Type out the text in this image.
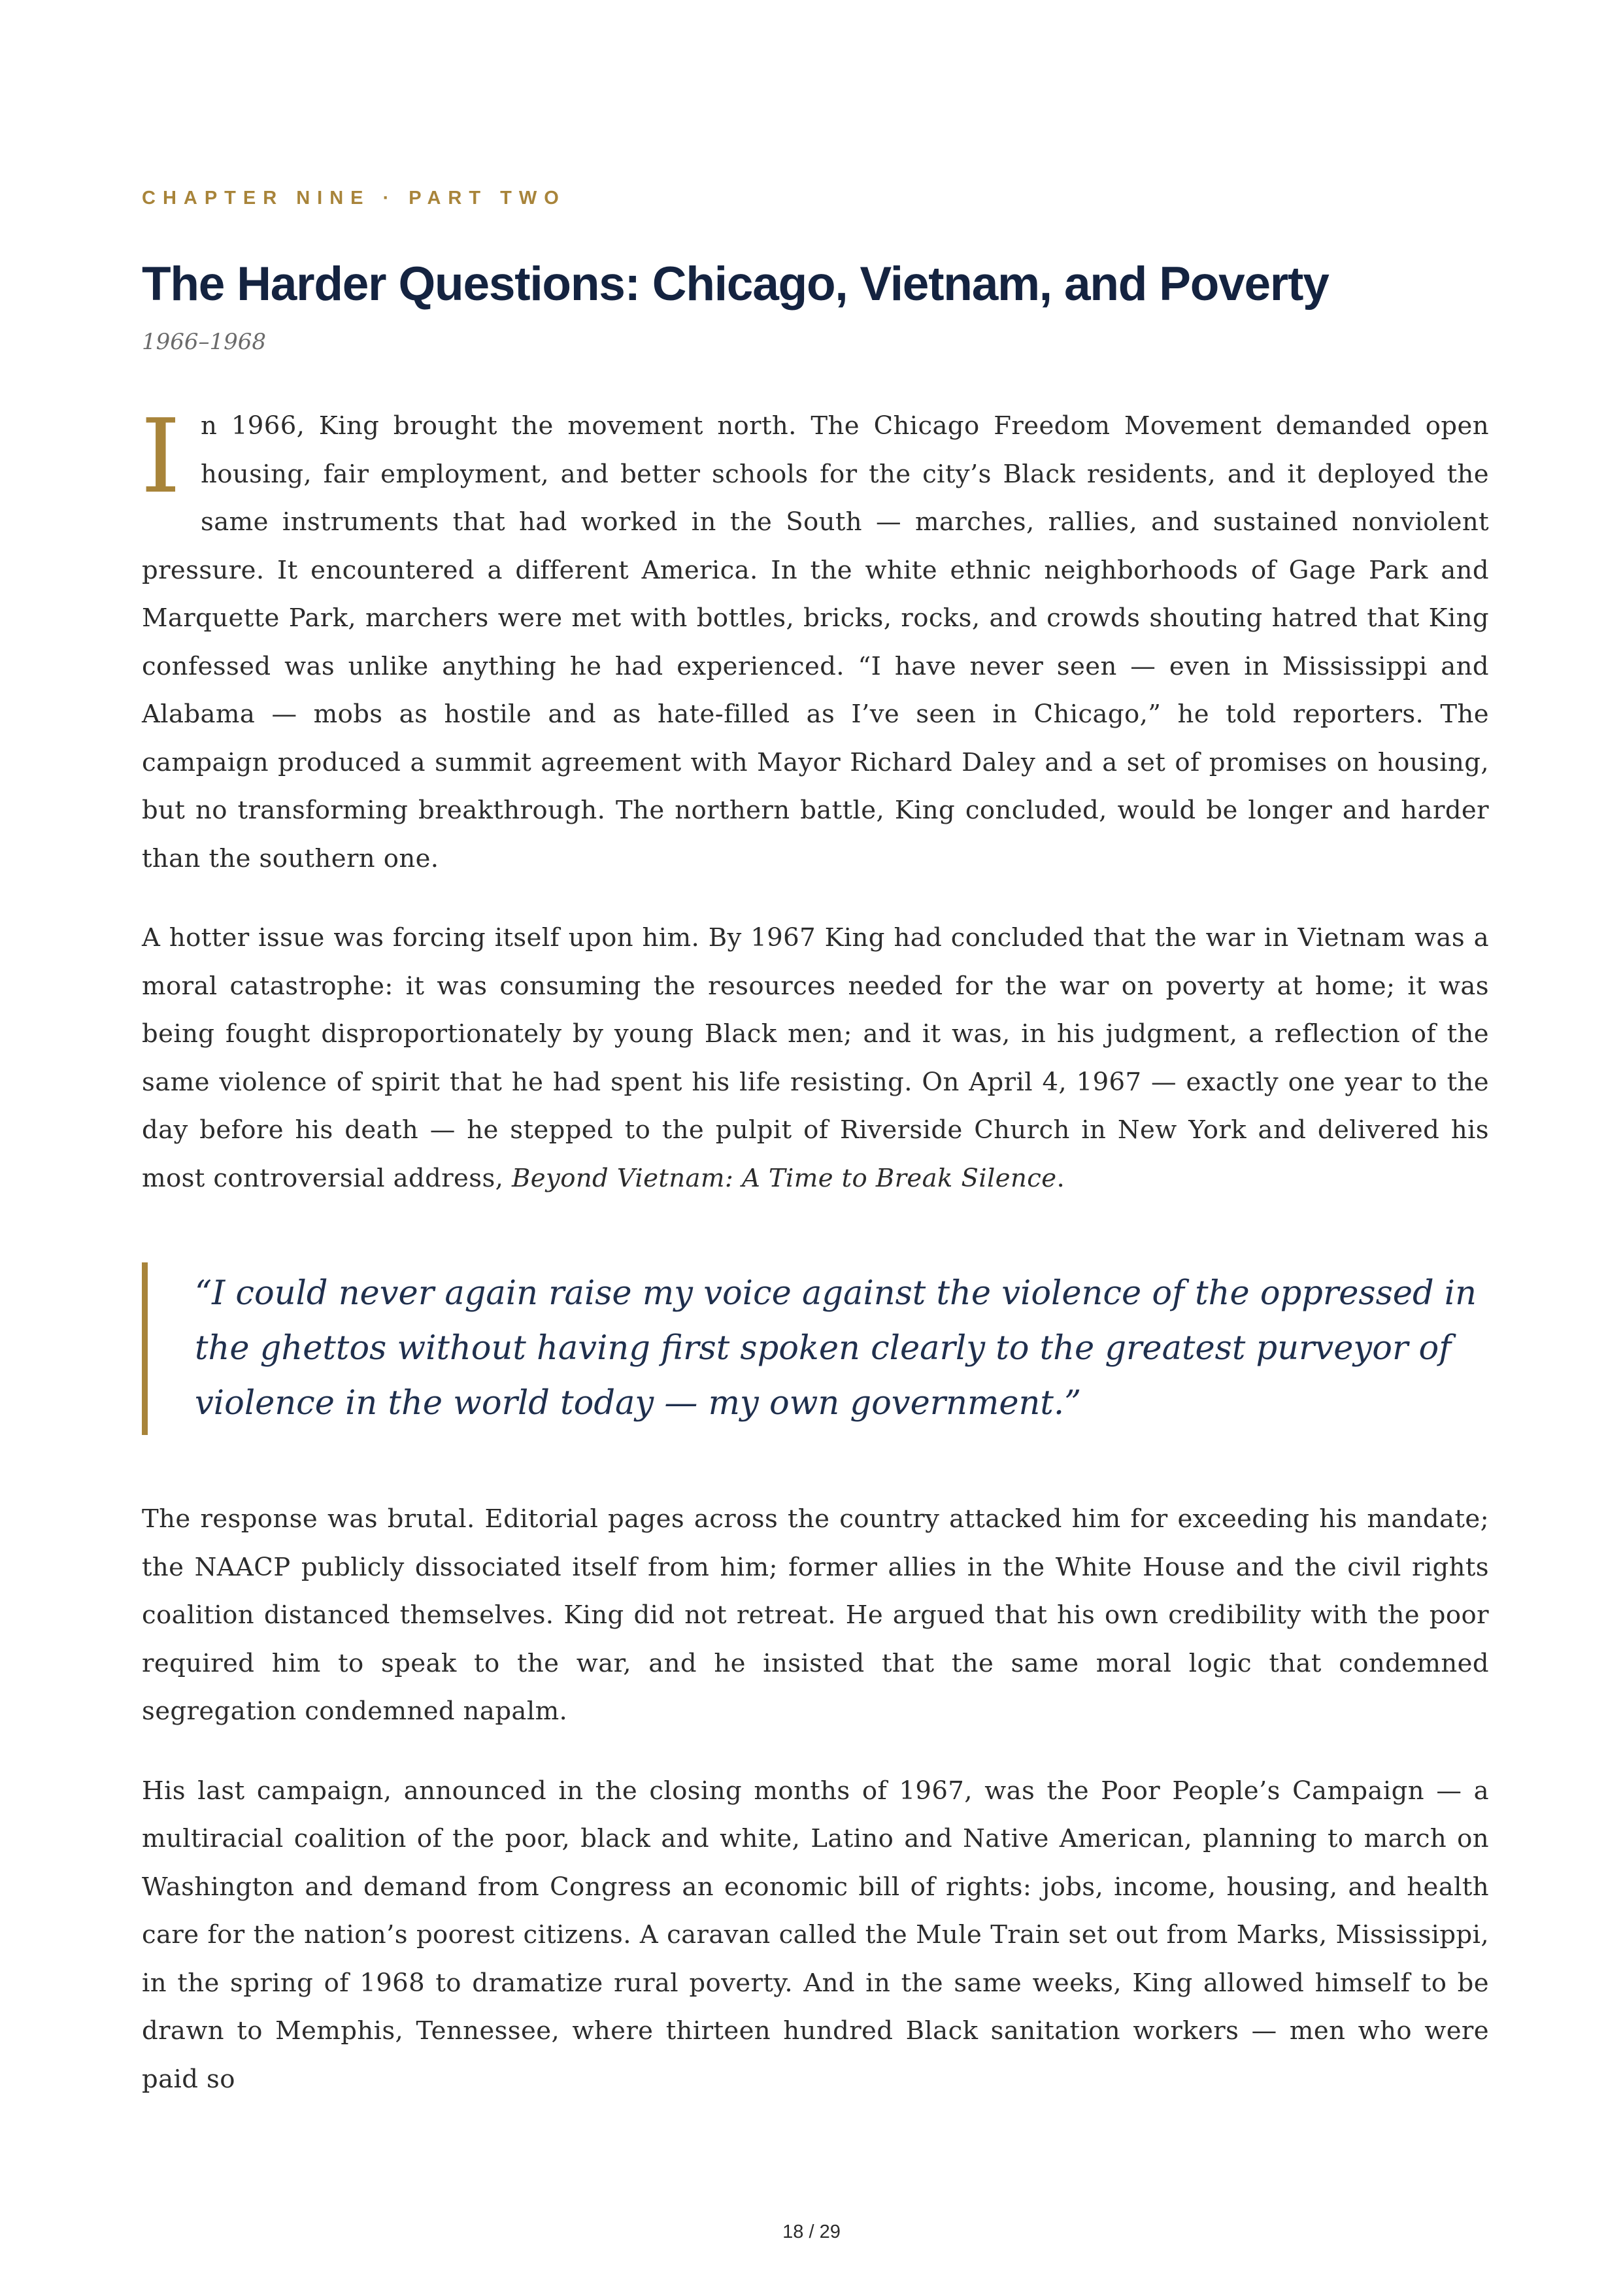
CHAPTER NINE · PART TWO

The Harder Questions: Chicago, Vietnam, and Poverty

1966–1968

In 1966, King brought the movement north. The Chicago Freedom Movement demanded open housing, fair employment, and better schools for the city’s Black residents, and it deployed the same instruments that had worked in the South — marches, rallies, and sustained nonviolent pressure. It encountered a different America. In the white ethnic neighborhoods of Gage Park and Marquette Park, marchers were met with bottles, bricks, rocks, and crowds shouting hatred that King confessed was unlike anything he had experienced. “I have never seen — even in Mississippi and Alabama — mobs as hostile and as hate-filled as I’ve seen in Chicago,” he told reporters. The campaign produced a summit agreement with Mayor Richard Daley and a set of promises on housing, but no transforming breakthrough. The northern battle, King concluded, would be longer and harder than the southern one.

A hotter issue was forcing itself upon him. By 1967 King had concluded that the war in Vietnam was a moral catastrophe: it was consuming the resources needed for the war on poverty at home; it was being fought disproportionately by young Black men; and it was, in his judgment, a reflection of the same violence of spirit that he had spent his life resisting. On April 4, 1967 — exactly one year to the day before his death — he stepped to the pulpit of Riverside Church in New York and delivered his most controversial address, Beyond Vietnam: A Time to Break Silence.

“I could never again raise my voice against the violence of the oppressed in the ghettos without having first spoken clearly to the greatest purveyor of violence in the world today — my own government.”

The response was brutal. Editorial pages across the country attacked him for exceeding his mandate; the NAACP publicly dissociated itself from him; former allies in the White House and the civil rights coalition distanced themselves. King did not retreat. He argued that his own credibility with the poor required him to speak to the war, and he insisted that the same moral logic that condemned segregation condemned napalm.

His last campaign, announced in the closing months of 1967, was the Poor People’s Campaign — a multiracial coalition of the poor, black and white, Latino and Native American, planning to march on Washington and demand from Congress an economic bill of rights: jobs, income, housing, and health care for the nation’s poorest citizens. A caravan called the Mule Train set out from Marks, Mississippi, in the spring of 1968 to dramatize rural poverty. And in the same weeks, King allowed himself to be drawn to Memphis, Tennessee, where thirteen hundred Black sanitation workers — men who were paid so

18 / 29
